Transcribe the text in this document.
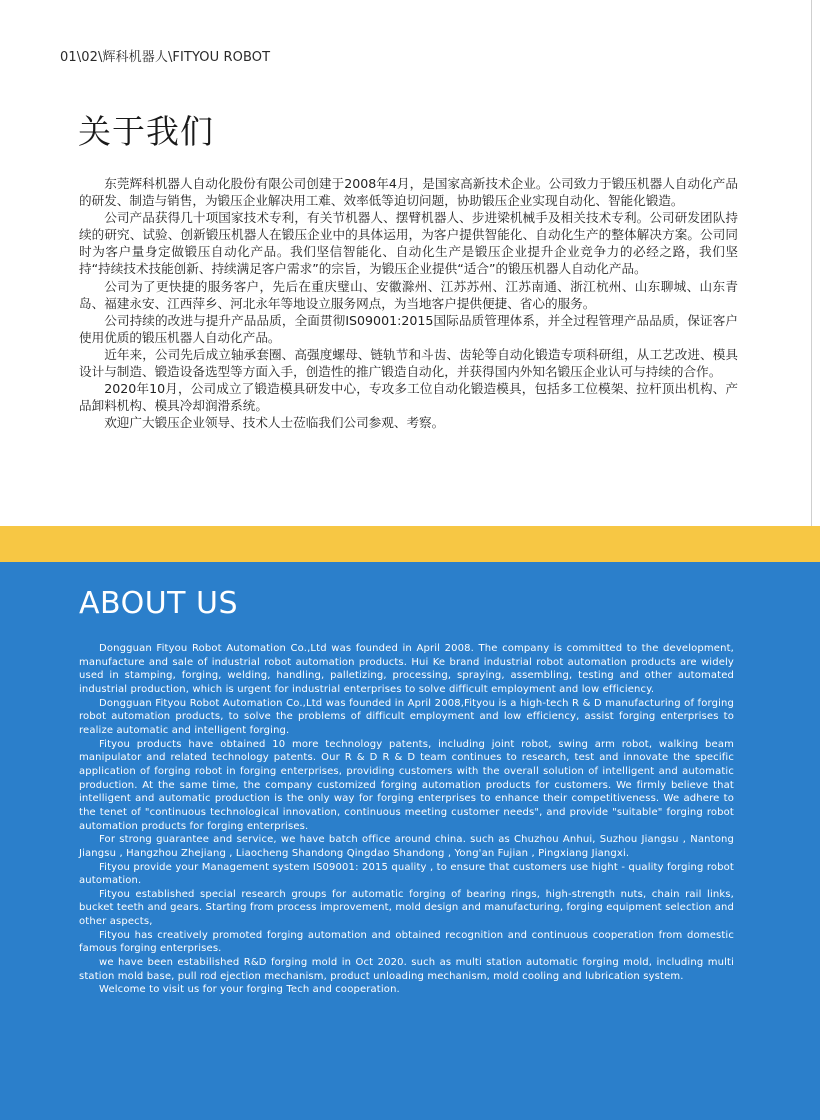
01\02\辉科机器人\FITYOU ROBOT
关于我们

东莞辉科机器人自动化股份有限公司创建于2008年4月，是国家高新技术企业。公司致力于锻压机器人自动化产品的研发、制造与销售，为锻压企业解决用工难、效率低等迫切问题，协助锻压企业实现自动化、智能化锻造。

公司产品获得几十项国家技术专利，有关节机器人、摆臂机器人、步进梁机械手及相关技术专利。公司研发团队持续的研究、试验、创新锻压机器人在锻压企业中的具体运用，为客户提供智能化、自动化生产的整体解决方案。公司同时为客户量身定做锻压自动化产品。我们坚信智能化、自动化生产是锻压企业提升企业竞争力的必经之路，我们坚持“持续技术技能创新、持续满足客户需求”的宗旨，为锻压企业提供“适合”的锻压机器人自动化产品。

公司为了更快捷的服务客户，先后在重庆璧山、安徽滁州、江苏苏州、江苏南通、浙江杭州、山东聊城、山东青岛、福建永安、江西萍乡、河北永年等地设立服务网点，为当地客户提供便捷、省心的服务。

公司持续的改进与提升产品品质，全面贯彻IS09001:2015国际品质管理体系，并全过程管理产品品质，保证客户使用优质的锻压机器人自动化产品。

近年来，公司先后成立轴承套圈、高强度螺母、链轨节和斗齿、齿轮等自动化锻造专项科研组，从工艺改进、模具设计与制造、锻造设备选型等方面入手，创造性的推广锻造自动化，并获得国内外知名锻压企业认可与持续的合作。

2020年10月，公司成立了锻造模具研发中心，专攻多工位自动化锻造模具，包括多工位模架、拉杆顶出机构、产品卸料机构、模具冷却润滑系统。

欢迎广大锻压企业领导、技术人士莅临我们公司参观、考察。

ABOUT US

Dongguan Fityou Robot Automation Co.,Ltd was founded in April 2008. The company is committed to the development, manufacture and sale of industrial robot automation products. Hui Ke brand industrial robot automation products are widely used in stamping, forging, welding, handling, palletizing, processing, spraying, assembling, testing and other automated industrial production, which is urgent for industrial enterprises to solve difficult employment and low efficiency.

Dongguan Fityou Robot Automation Co.,Ltd was founded in April 2008,Fityou is a high-tech R & D manufacturing of forging robot automation products, to solve the problems of difficult employment and low efficiency, assist forging enterprises to realize automatic and intelligent forging.

Fityou products have obtained 10 more technology patents, including joint robot, swing arm robot, walking beam manipulator and related technology patents. Our R & D R & D team continues to research, test and innovate the specific application of forging robot in forging enterprises, providing customers with the overall solution of intelligent and automatic production. At the same time, the company customized forging automation products for customers. We firmly believe that intelligent and automatic production is the only way for forging enterprises to enhance their competitiveness. We adhere to the tenet of "continuous technological innovation, continuous meeting customer needs", and provide "suitable" forging robot automation products for forging enterprises.

For strong guarantee and service, we have batch office around china. such as Chuzhou Anhui, Suzhou Jiangsu , Nantong Jiangsu , Hangzhou Zhejiang , Liaocheng Shandong Qingdao Shandong , Yong'an Fujian , Pingxiang Jiangxi.

Fityou provide your Management system IS09001: 2015 quality , to ensure that customers use hight - quality forging robot automation.

Fityou established special research groups for automatic forging of bearing rings, high-strength nuts, chain rail links, bucket teeth and gears. Starting from process improvement, mold design and manufacturing, forging equipment selection and other aspects,

Fityou has creatively promoted forging automation and obtained recognition and continuous cooperation from domestic famous forging enterprises.

we have been estabilished R&D forging mold in Oct 2020. such as multi station automatic forging mold, including multi station mold base, pull rod ejection mechanism, product unloading mechanism, mold cooling and lubrication system.

Welcome to visit us for your forging Tech and cooperation.
